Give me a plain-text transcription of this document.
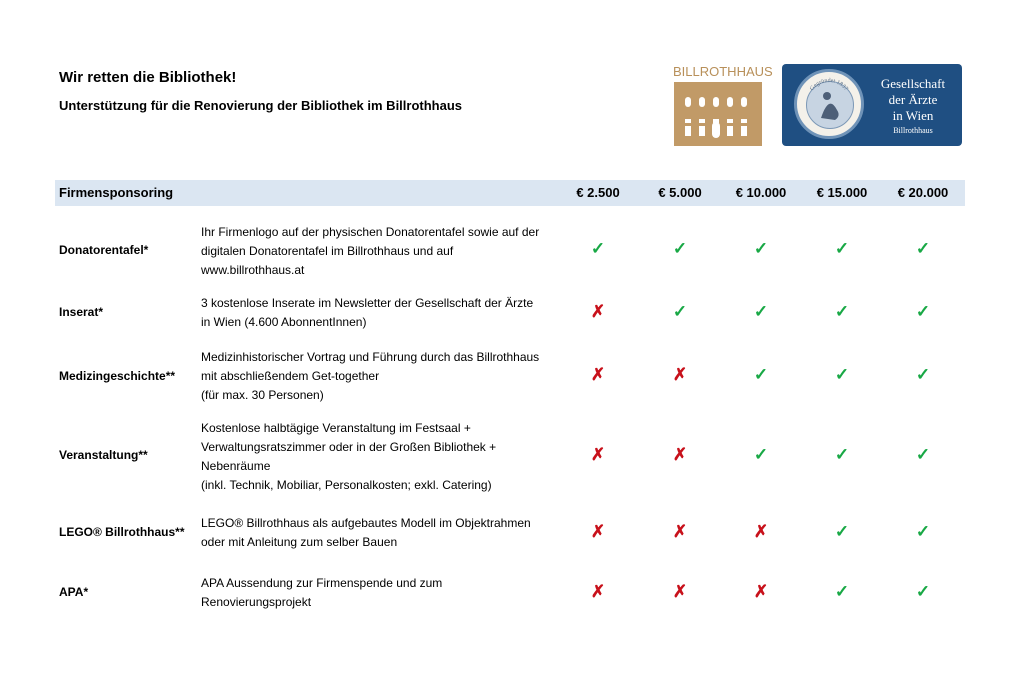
Wir retten die Bibliothek!
Unterstützung für die Renovierung der Bibliothek im Billrothhaus
BILLROTHHAUS
Gegründet 1837	Gesellschaft
der Ärzte
in Wien
Billrothhaus
Firmensponsoring	€ 2.500	€ 5.000	€ 10.000	€ 15.000	€ 20.000
Donatorentafel*
Ihr Firmenlogo auf der physischen Donatorentafel sowie auf der
digitalen Donatorentafel im Billrothhaus und auf
www.billrothhaus.at
✓	✓	✓	✓	✓
Inserat*
3 kostenlose Inserate im Newsletter der Gesellschaft der Ärzte
in Wien (4.600 AbonnentInnen)
✗	✓	✓	✓	✓
Medizingeschichte**
Medizinhistorischer Vortrag und Führung durch das Billrothhaus
mit abschließendem Get-together
(für max. 30 Personen)
✗	✗	✓	✓	✓
Veranstaltung**
Kostenlose halbtägige Veranstaltung im Festsaal +
Verwaltungsratszimmer oder in der Großen Bibliothek +
Nebenräume
(inkl. Technik, Mobiliar, Personalkosten; exkl. Catering)
✗	✗	✓	✓	✓
LEGO® Billrothhaus**
LEGO® Billrothhaus als aufgebautes Modell im Objektrahmen
oder mit Anleitung zum selber Bauen
✗	✗	✗	✓	✓
APA*
APA Aussendung zur Firmenspende und zum
Renovierungsprojekt
✗	✗	✗	✓	✓
